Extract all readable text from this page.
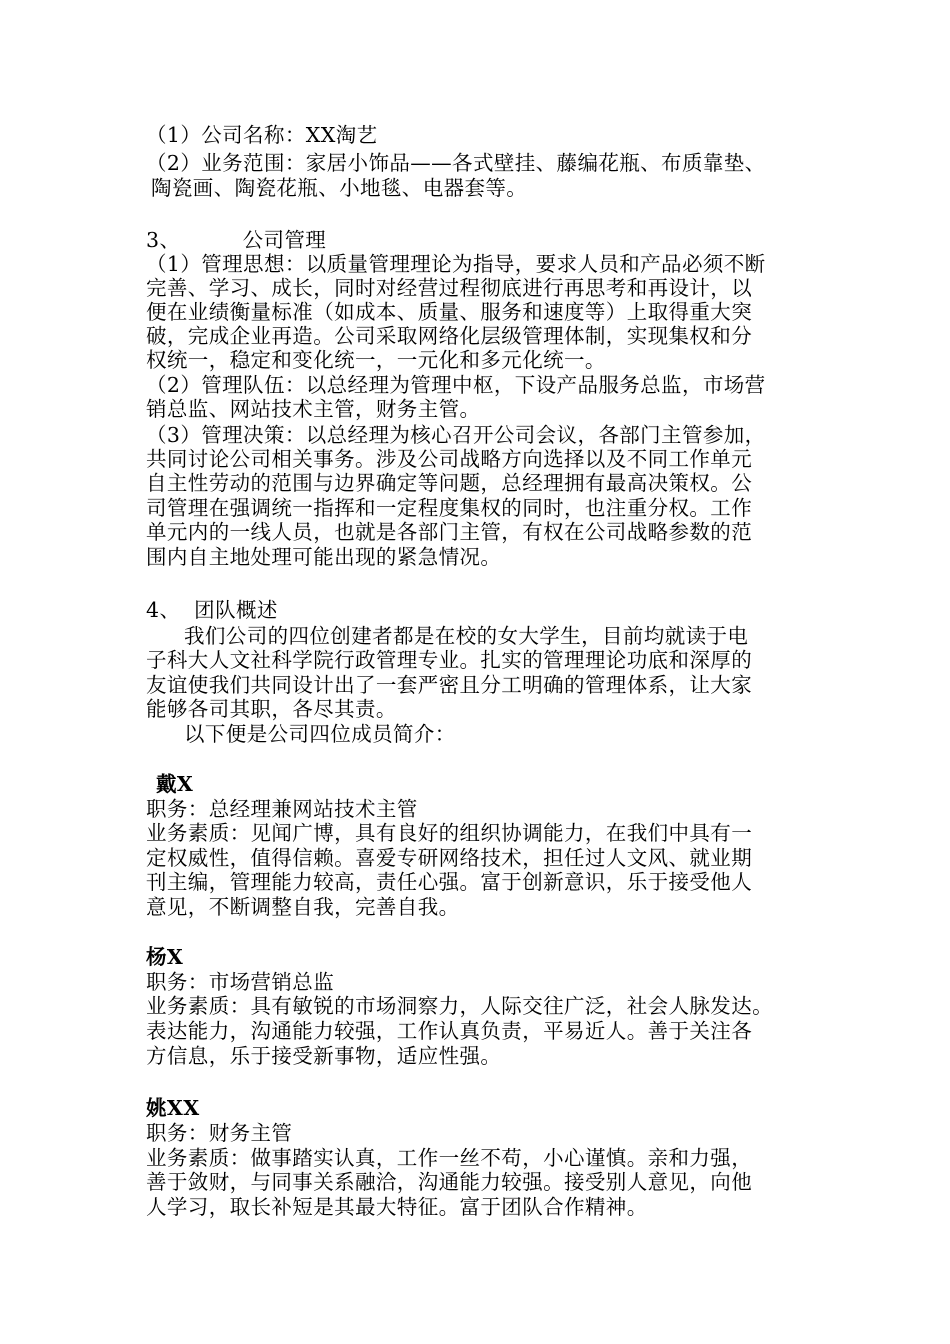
（1）公司名称：XX淘艺
（2）业务范围：家居小饰品——各式壁挂、藤编花瓶、布质靠垫、
陶瓷画、陶瓷花瓶、小地毯、电器套等。
3、         公司管理
（1）管理思想：以质量管理理论为指导，要求人员和产品必须不断
完善、学习、成长，同时对经营过程彻底进行再思考和再设计，以
便在业绩衡量标准（如成本、质量、服务和速度等）上取得重大突
破，完成企业再造。公司采取网络化层级管理体制，实现集权和分
权统一，稳定和变化统一，一元化和多元化统一。
（2）管理队伍：以总经理为管理中枢，下设产品服务总监，市场营
销总监、网站技术主管，财务主管。
（3）管理决策：以总经理为核心召开公司会议，各部门主管参加，
共同讨论公司相关事务。涉及公司战略方向选择以及不同工作单元
自主性劳动的范围与边界确定等问题，总经理拥有最高决策权。公
司管理在强调统一指挥和一定程度集权的同时，也注重分权。工作
单元内的一线人员，也就是各部门主管，有权在公司战略参数的范
围内自主地处理可能出现的紧急情况。
4、  团队概述
我们公司的四位创建者都是在校的女大学生，目前均就读于电
子科大人文社科学院行政管理专业。扎实的管理理论功底和深厚的
友谊使我们共同设计出了一套严密且分工明确的管理体系，让大家
能够各司其职，各尽其责。
以下便是公司四位成员简介：
戴X
职务：总经理兼网站技术主管
业务素质：见闻广博，具有良好的组织协调能力，在我们中具有一
定权威性，值得信赖。喜爱专研网络技术，担任过人文风、就业期
刊主编，管理能力较高，责任心强。富于创新意识，乐于接受他人
意见，不断调整自我，完善自我。
杨X
职务：市场营销总监
业务素质：具有敏锐的市场洞察力，人际交往广泛，社会人脉发达。
表达能力，沟通能力较强，工作认真负责，平易近人。善于关注各
方信息，乐于接受新事物，适应性强。
姚XX
职务：财务主管
业务素质：做事踏实认真，工作一丝不苟，小心谨慎。亲和力强，
善于敛财，与同事关系融洽，沟通能力较强。接受别人意见，向他
人学习，取长补短是其最大特征。富于团队合作精神。
